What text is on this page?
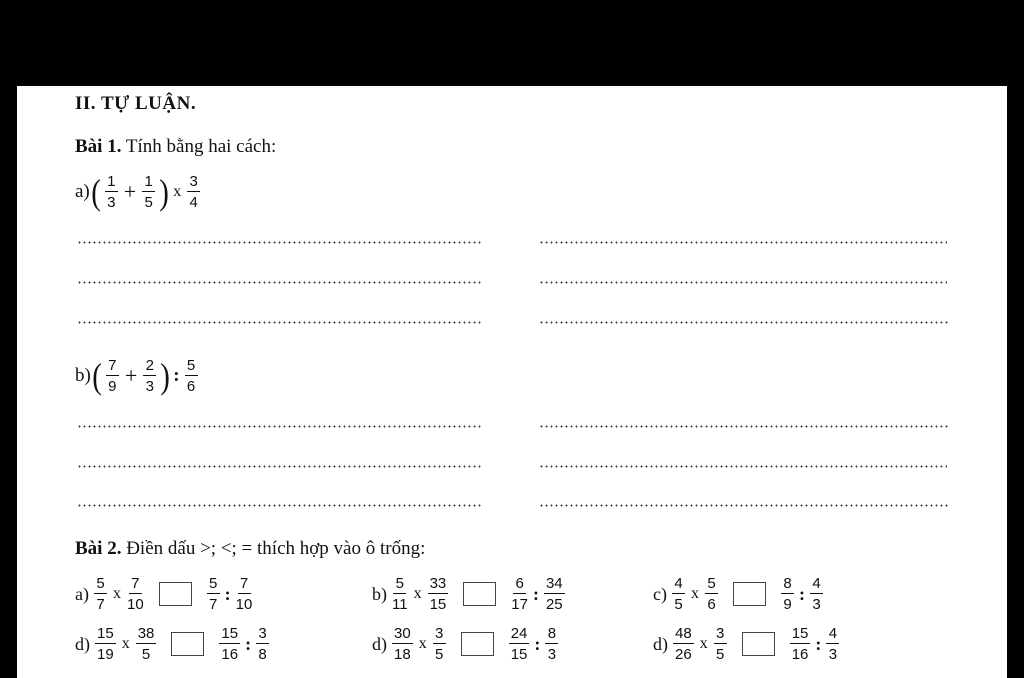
II. TỰ LUẬN.
Bài 1. Tính bằng hai cách:
a) ( $\frac{1}{3} + \frac{1}{5}$ ) x $\frac{3}{4}$
b) ( $\frac{7}{9} + \frac{2}{3}$ ) : $\frac{5}{6}$
Bài 2. Điền dấu >; <; = thích hợp vào ô trống:
$a) \frac{5}{7}$ x $\frac{7}{10}$	$\frac{5}{7}$ : $\frac{7}{10}$	$b) \frac{5}{11}$ x $\frac{33}{15}$	$\frac{6}{17}$ : $\frac{34}{25}$	$c) \frac{4}{5}$ x $\frac{5}{6}$	$\frac{8}{9}$ : $\frac{4}{3}$
$d) \frac{15}{19}$ x $\frac{38}{5}$	$\frac{15}{16}$ : $\frac{3}{8}$	$d) \frac{30}{18}$ x $\frac{3}{5}$	$\frac{24}{15}$ : $\frac{8}{3}$	$d) \frac{48}{26}$ x $\frac{3}{5}$	$\frac{15}{16}$ : $\frac{4}{3}$
